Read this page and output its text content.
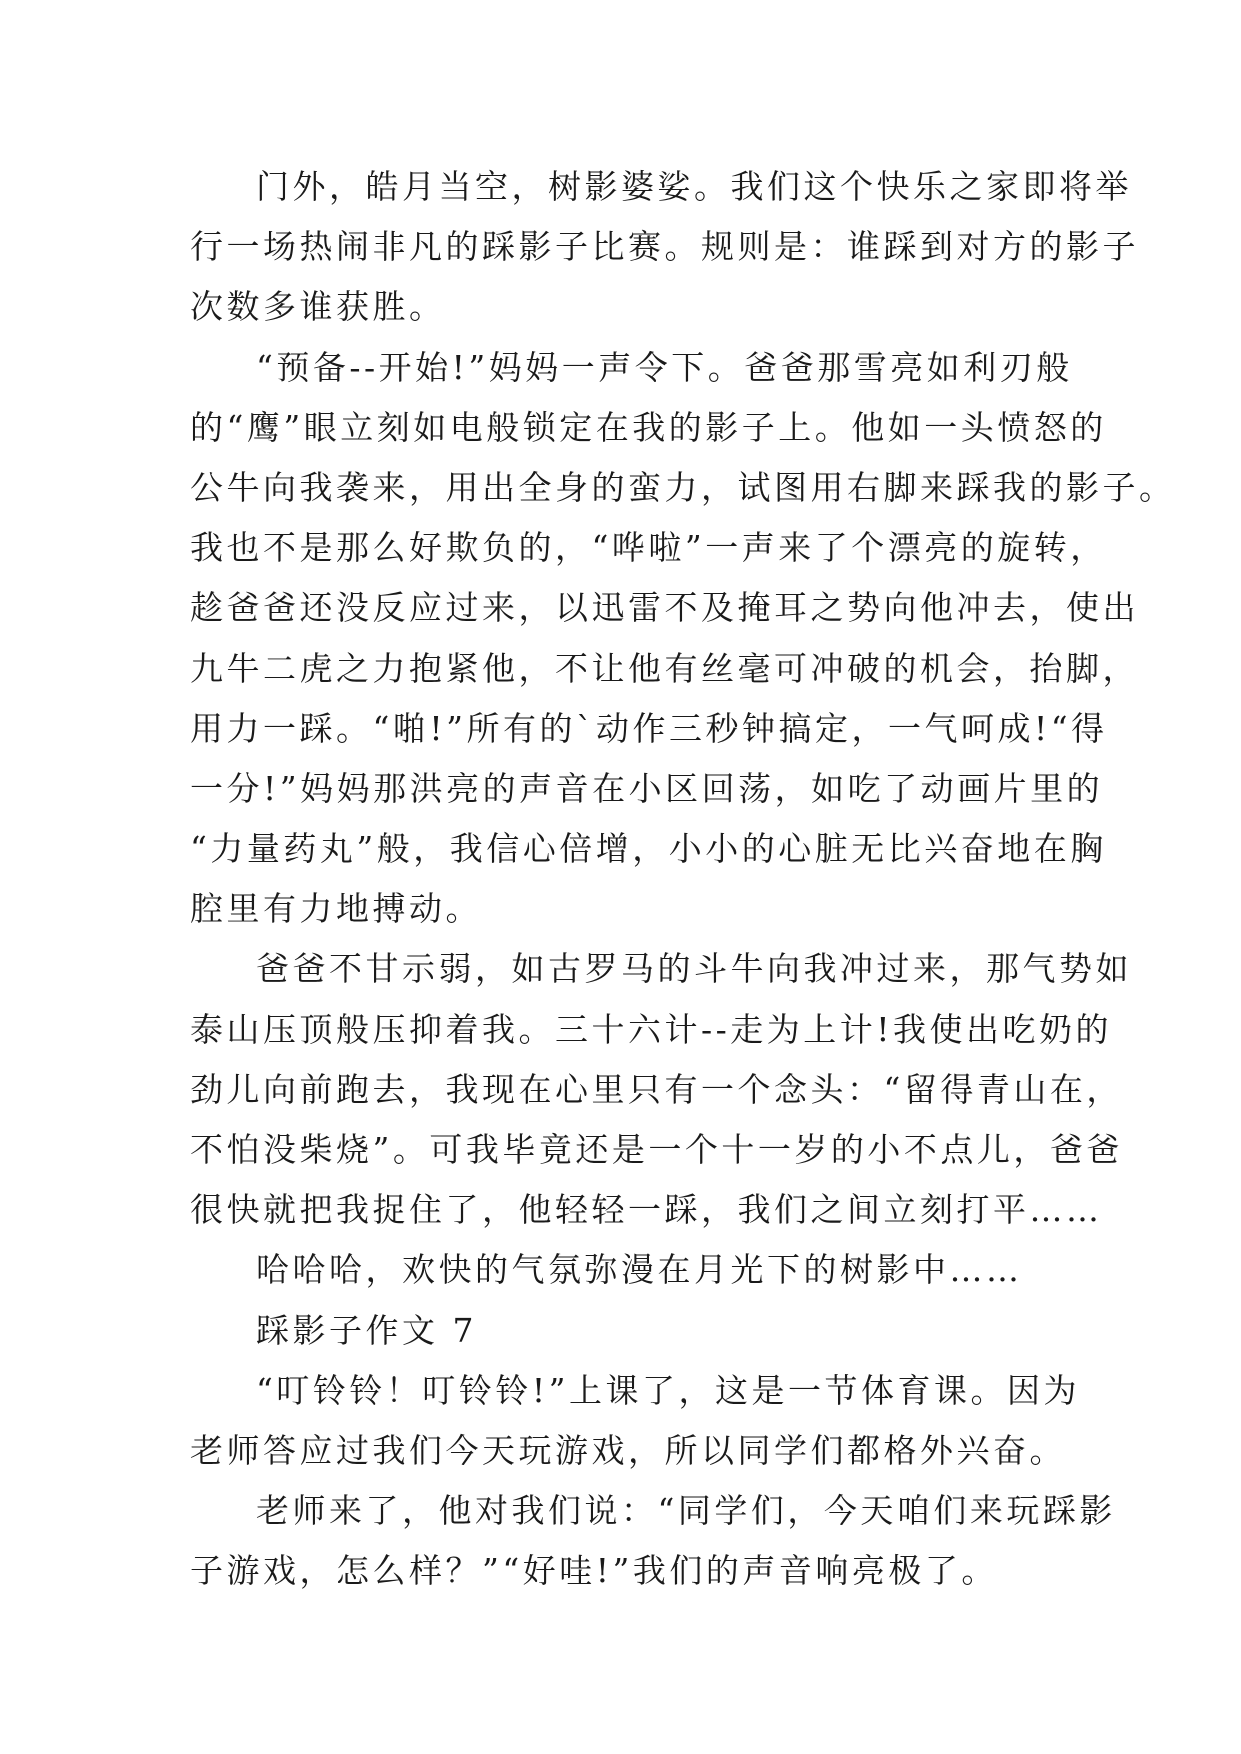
门外，皓月当空，树影婆娑。我们这个快乐之家即将举
行一场热闹非凡的踩影子比赛。规则是：谁踩到对方的影子
次数多谁获胜。
“预备--开始!”妈妈一声令下。爸爸那雪亮如利刃般
的“鹰”眼立刻如电般锁定在我的影子上。他如一头愤怒的
公牛向我袭来，用出全身的蛮力，试图用右脚来踩我的影子。
我也不是那么好欺负的，“哗啦”一声来了个漂亮的旋转，
趁爸爸还没反应过来，以迅雷不及掩耳之势向他冲去，使出
九牛二虎之力抱紧他，不让他有丝毫可冲破的机会，抬脚，
用力一踩。“啪!”所有的`动作三秒钟搞定，一气呵成!“得
一分!”妈妈那洪亮的声音在小区回荡，如吃了动画片里的
“力量药丸”般，我信心倍增，小小的心脏无比兴奋地在胸
腔里有力地搏动。
爸爸不甘示弱，如古罗马的斗牛向我冲过来，那气势如
泰山压顶般压抑着我。三十六计--走为上计!我使出吃奶的
劲儿向前跑去，我现在心里只有一个念头：“留得青山在，
不怕没柴烧”。可我毕竟还是一个十一岁的小不点儿，爸爸
很快就把我捉住了，他轻轻一踩，我们之间立刻打平……
哈哈哈，欢快的气氛弥漫在月光下的树影中……
踩影子作文 7
“叮铃铃！叮铃铃!”上课了，这是一节体育课。因为
老师答应过我们今天玩游戏，所以同学们都格外兴奋。
老师来了，他对我们说：“同学们，今天咱们来玩踩影
子游戏，怎么样？”“好哇!”我们的声音响亮极了。
